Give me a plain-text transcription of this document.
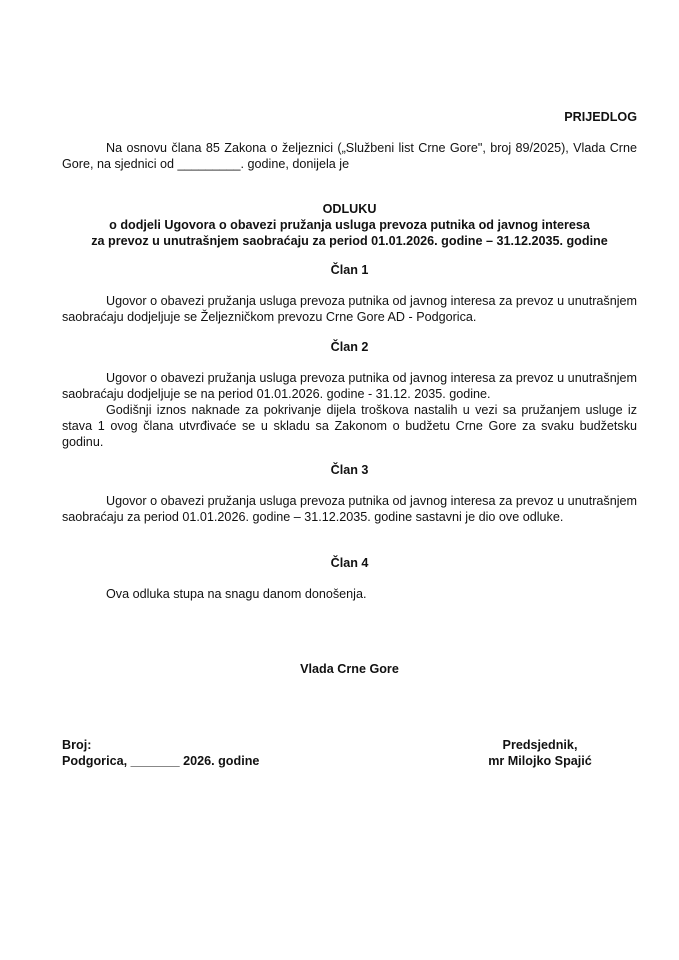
PRIJEDLOG

Na osnovu člana 85 Zakona o željeznici („Službeni list Crne Gore", broj 89/2025), Vlada Crne Gore, na sjednici od _________. godine, donijela je

ODLUKU
o dodjeli Ugovora o obavezi pružanja usluga prevoza putnika od javnog interesa
za prevoz u unutrašnjem saobraćaju za period 01.01.2026. godine – 31.12.2035. godine
Član 1

Ugovor o obavezi pružanja usluga prevoza putnika od javnog interesa za prevoz u unutrašnjem saobraćaju dodjeljuje se Željezničkom prevozu Crne Gore AD - Podgorica.

Član 2

Ugovor o obavezi pružanja usluga prevoza putnika od javnog interesa za prevoz u unutrašnjem saobraćaju dodjeljuje se na period 01.01.2026. godine - 31.12. 2035. godine.

Godišnji iznos naknade za pokrivanje dijela troškova nastalih u vezi sa pružanjem usluge iz stava 1 ovog člana utvrđivaće se u skladu sa Zakonom o budžetu Crne Gore za svaku budžetsku godinu.

Član 3

Ugovor o obavezi pružanja usluga prevoza putnika od javnog interesa za prevoz u unutrašnjem saobraćaju za period 01.01.2026. godine – 31.12.2035. godine sastavni je dio ove odluke.

Član 4

Ova odluka stupa na snagu danom donošenja.

Vlada Crne Gore
Broj:
Podgorica, _______ 2026. godine
Predsjednik,
mr Milojko Spajić
